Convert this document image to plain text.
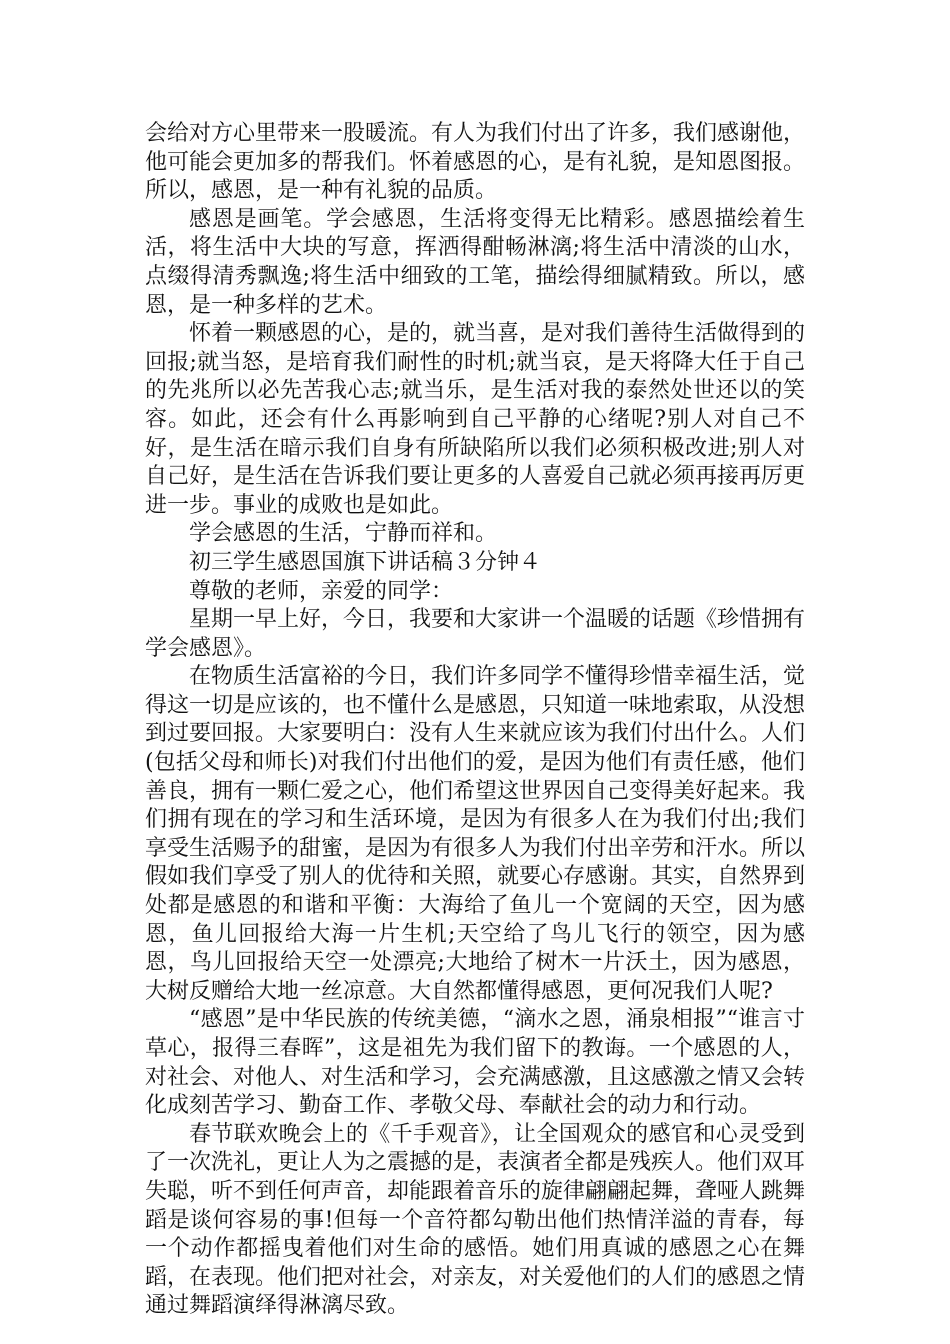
会给对方心里带来一股暖流。有人为我们付出了许多，我们感谢他，他可能会更加多的帮我们。怀着感恩的心，是有礼貌，是知恩图报。所以，感恩，是一种有礼貌的品质。

感恩是画笔。学会感恩，生活将变得无比精彩。感恩描绘着生活，将生活中大块的写意，挥洒得酣畅淋漓;将生活中清淡的山水，点缀得清秀飘逸;将生活中细致的工笔，描绘得细腻精致。所以，感恩，是一种多样的艺术。

怀着一颗感恩的心，是的，就当喜，是对我们善待生活做得到的回报;就当怒，是培育我们耐性的时机;就当哀，是天将降大任于自己的先兆所以必先苦我心志;就当乐，是生活对我的泰然处世还以的笑容。如此，还会有什么再影响到自己平静的心绪呢?别人对自己不好，是生活在暗示我们自身有所缺陷所以我们必须积极改进;别人对自己好，是生活在告诉我们要让更多的人喜爱自己就必须再接再厉更进一步。事业的成败也是如此。

学会感恩的生活，宁静而祥和。

初三学生感恩国旗下讲话稿３分钟４

尊敬的老师，亲爱的同学：

星期一早上好，今日，我要和大家讲一个温暖的话题《珍惜拥有学会感恩》。

在物质生活富裕的今日，我们许多同学不懂得珍惜幸福生活，觉得这一切是应该的，也不懂什么是感恩，只知道一味地索取，从没想到过要回报。大家要明白：没有人生来就应该为我们付出什么。人们(包括父母和师长)对我们付出他们的爱，是因为他们有责任感，他们善良，拥有一颗仁爱之心，他们希望这世界因自己变得美好起来。我们拥有现在的学习和生活环境，是因为有很多人在为我们付出;我们享受生活赐予的甜蜜，是因为有很多人为我们付出辛劳和汗水。所以假如我们享受了别人的优待和关照，就要心存感谢。其实，自然界到处都是感恩的和谐和平衡：大海给了鱼儿一个宽阔的天空，因为感恩，鱼儿回报给大海一片生机;天空给了鸟儿飞行的领空，因为感恩，鸟儿回报给天空一处漂亮;大地给了树木一片沃土，因为感恩，大树反赠给大地一丝凉意。大自然都懂得感恩，更何况我们人呢?

“感恩”是中华民族的传统美德，“滴水之恩，涌泉相报”“谁言寸草心，报得三春晖”，这是祖先为我们留下的教诲。一个感恩的人，对社会、对他人、对生活和学习，会充满感激，且这感激之情又会转化成刻苦学习、勤奋工作、孝敬父母、奉献社会的动力和行动。

春节联欢晚会上的《千手观音》，让全国观众的感官和心灵受到了一次洗礼，更让人为之震撼的是，表演者全都是残疾人。他们双耳失聪，听不到任何声音，却能跟着音乐的旋律翩翩起舞，聋哑人跳舞蹈是谈何容易的事!但每一个音符都勾勒出他们热情洋溢的青春，每一个动作都摇曳着他们对生命的感悟。她们用真诚的感恩之心在舞蹈，在表现。他们把对社会，对亲友，对关爱他们的人们的感恩之情通过舞蹈演绎得淋漓尽致。
